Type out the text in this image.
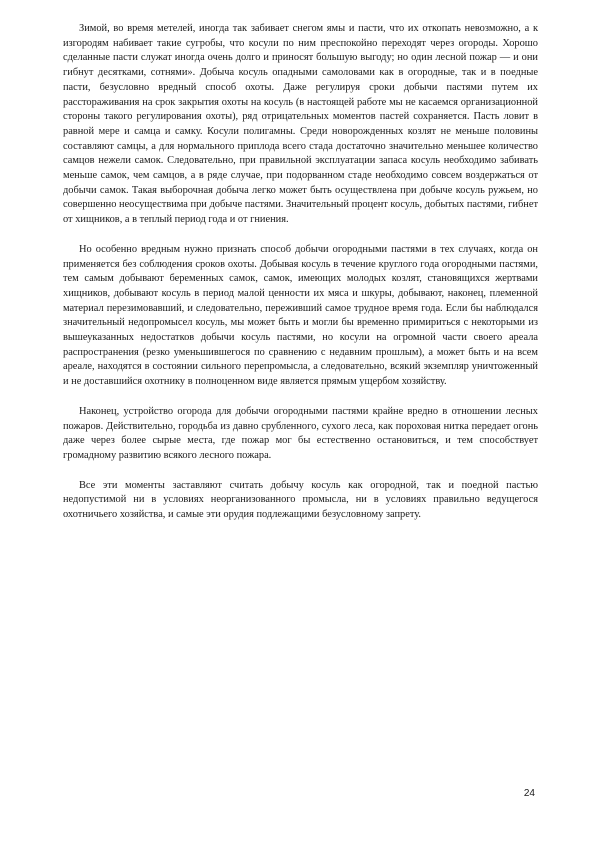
Зимой, во время метелей, иногда так забивает снегом ямы и пасти, что их откопать невозможно, а к изгородям набивает такие сугробы, что косули по ним преспокойно переходят через огороды. Хорошо сделанные пасти служат иногда очень долго и приносят большую выгоду; но один лесной пожар — и они гибнут десятками, сотнями». Добыча косуль опадными самоловами как в огородные, так и в поедные пасти, безусловно вредный способ охоты. Даже регулируя сроки добычи пастями путем их расстораживания на срок закрытия охоты на косуль (в настоящей работе мы не касаемся организационной стороны такого регулирования охоты), ряд отрицательных моментов пастей сохраняется. Пасть ловит в равной мере и самца и самку. Косули полигамны. Среди новорожденных козлят не меньше половины составляют самцы, а для нормального приплода всего стада достаточно значительно меньшее количество самцов нежели самок. Следовательно, при правильной эксплуатации запаса косуль необходимо забивать меньше самок, чем самцов, а в ряде случае, при подорванном стаде необходимо совсем воздержаться от добычи самок. Такая выборочная добыча легко может быть осуществлена при добыче косуль ружьем, но совершенно неосуществима при добыче пастями. Значительный процент косуль, добытых пастями, гибнет от хищников, а в теплый период года и от гниения.

Но особенно вредным нужно признать способ добычи огородными пастями в тех случаях, когда он применяется без соблюдения сроков охоты. Добывая косуль в течение круглого года огородными пастями, тем самым добывают беременных самок, самок, имеющих молодых козлят, становящихся жертвами хищников, добывают косуль в период малой ценности их мяса и шкуры, добывают, наконец, племенной материал перезимовавший, и следовательно, переживший самое трудное время года. Если бы наблюдался значительный недопромысел косуль, мы может быть и могли бы временно примириться с некоторыми из вышеуказанных недостатков добычи косуль пастями, но косули на огромной части своего ареала распространения (резко уменьшившегося по сравнению с недавним прошлым), а может быть и на всем ареале, находятся в состоянии сильного перепромысла, а следовательно, всякий экземпляр уничтоженный и не доставшийся охотнику в полноценном виде является прямым ущербом хозяйству.

Наконец, устройство огорода для добычи огородными пастями крайне вредно в отношении лесных пожаров. Действительно, городьба из давно срубленного, сухого леса, как пороховая нитка передает огонь даже через более сырые места, где пожар мог бы естественно остановиться, и тем способствует громадному развитию всякого лесного пожара.

Все эти моменты заставляют считать добычу косуль как огородной, так и поедной пастью недопустимой ни в условиях неорганизованного промысла, ни в условиях правильно ведущегося охотничьего хозяйства, и самые эти орудия подлежащими безусловному запрету.

24
